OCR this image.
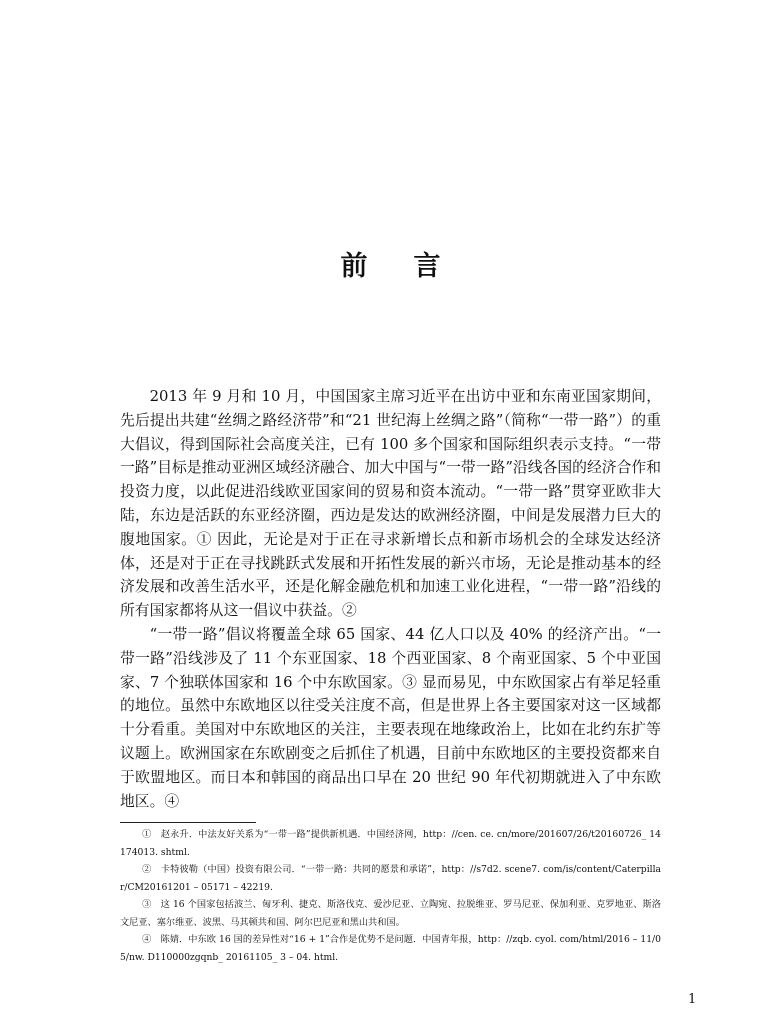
前 言

2013 年 9 月和 10 月，中国国家主席习近平在出访中亚和东南亚国家期间，先后提出共建“丝绸之路经济带”和“21 世纪海上丝绸之路”（简称“一带一路”）的重大倡议，得到国际社会高度关注，已有 100 多个国家和国际组织表示支持。“一带一路”目标是推动亚洲区域经济融合、加大中国与“一带一路”沿线各国的经济合作和投资力度，以此促进沿线欧亚国家间的贸易和资本流动。“一带一路”贯穿亚欧非大陆，东边是活跃的东亚经济圈，西边是发达的欧洲经济圈，中间是发展潜力巨大的腹地国家。① 因此，无论是对于正在寻求新增长点和新市场机会的全球发达经济体，还是对于正在寻找跳跃式发展和开拓性发展的新兴市场，无论是推动基本的经济发展和改善生活水平，还是化解金融危机和加速工业化进程，“一带一路”沿线的所有国家都将从这一倡议中获益。②

“一带一路”倡议将覆盖全球 65 国家、44 亿人口以及 40% 的经济产出。“一带一路”沿线涉及了 11 个东亚国家、18 个西亚国家、8 个南亚国家、5 个中亚国家、7 个独联体国家和 16 个中东欧国家。③ 显而易见，中东欧国家占有举足轻重的地位。虽然中东欧地区以往受关注度不高，但是世界上各主要国家对这一区域都十分看重。美国对中东欧地区的关注，主要表现在地缘政治上，比如在北约东扩等议题上。欧洲国家在东欧剧变之后抓住了机遇，目前中东欧地区的主要投资都来自于欧盟地区。而日本和韩国的商品出口早在 20 世纪 90 年代初期就进入了中东欧地区。④

①　赵永升．中法友好关系为“一带一路”提供新机遇．中国经济网，http：//cen. ce. cn/more/201607/26/t20160726_ 14174013. shtml.

②　卡特彼勒（中国）投资有限公司．“一带一路：共同的愿景和承诺”，http：//s7d2. scene7. com/is/content/Caterpillar/CM20161201 – 05171 – 42219.

③　这 16 个国家包括波兰、匈牙利、捷克、斯洛伐克、爱沙尼亚、立陶宛、拉脱维亚、罗马尼亚、保加利亚、克罗地亚、斯洛文尼亚、塞尔维亚、波黑、马其顿共和国、阿尔巴尼亚和黑山共和国。

④　陈婧．中东欧 16 国的差异性对“16 + 1”合作是优势不是问题．中国青年报，http：//zqb. cyol. com/html/2016 – 11/05/nw. D110000zgqnb_ 20161105_ 3 – 04. html.

1
